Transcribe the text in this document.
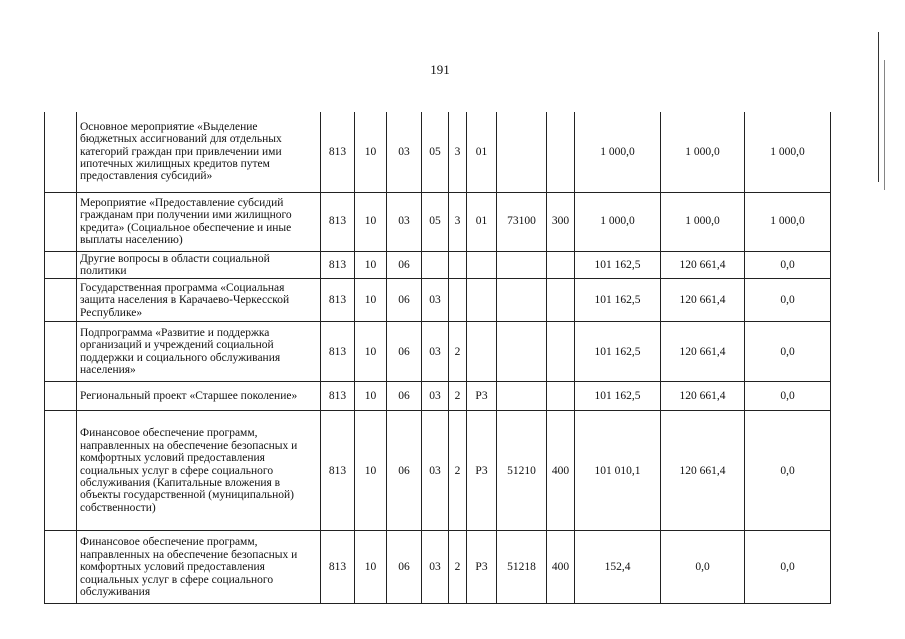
191
	Основное мероприятие «Выделение бюджетных ассигнований для отдельных категорий граждан при привлечении ими ипотечных жилищных кредитов путем предоставления субсидий»	813	10	03	05	3	01			1 000,0	1 000,0	1 000,0
	Мероприятие «Предоставление субсидий гражданам при получении ими жилищного кредита» (Социальное обеспечение и иные выплаты населению)	813	10	03	05	3	01	73100	300	1 000,0	1 000,0	1 000,0
	Другие вопросы в области социальной политики	813	10	06						101 162,5	120 661,4	0,0
	Государственная программа «Социальная защита населения в Карачаево-Черкесской Республике»	813	10	06	03					101 162,5	120 661,4	0,0
	Подпрограмма «Развитие и поддержка организаций и учреждений социальной поддержки и социального обслуживания населения»	813	10	06	03	2				101 162,5	120 661,4	0,0
	Региональный проект «Старшее поколение»	813	10	06	03	2	P3			101 162,5	120 661,4	0,0
	Финансовое обеспечение программ, направленных на обеспечение безопасных и комфортных условий предоставления социальных услуг в сфере социального обслуживания (Капитальные вложения в объекты государственной (муниципальной) собственности)	813	10	06	03	2	P3	51210	400	101 010,1	120 661,4	0,0
	Финансовое обеспечение программ, направленных на обеспечение безопасных и комфортных условий предоставления социальных услуг в сфере социального обслуживания	813	10	06	03	2	P3	51218	400	152,4	0,0	0,0
